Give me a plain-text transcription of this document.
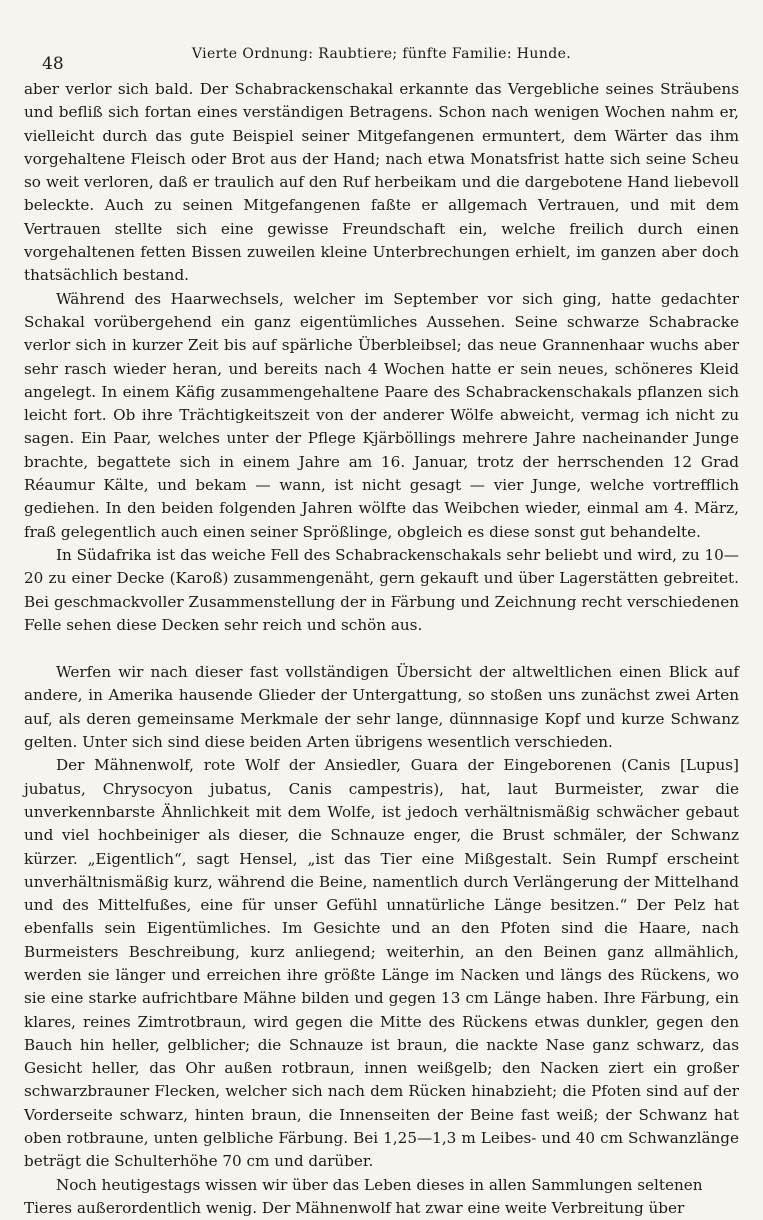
48	Vierte Ordnung: Raubtiere; fünfte Familie: Hunde.

aber verlor sich bald. Der Schabrackenschakal erkannte das Vergebliche seines Sträubens und befliß sich fortan eines verständigen Betragens. Schon nach wenigen Wochen nahm er, vielleicht durch das gute Beispiel seiner Mitgefangenen ermuntert, dem Wärter das ihm vorgehaltene Fleisch oder Brot aus der Hand; nach etwa Monatsfrist hatte sich seine Scheu so weit verloren, daß er traulich auf den Ruf herbeikam und die dargebotene Hand liebevoll beleckte. Auch zu seinen Mitgefangenen faßte er allgemach Vertrauen, und mit dem Vertrauen stellte sich eine gewisse Freundschaft ein, welche freilich durch einen vorgehaltenen fetten Bissen zuweilen kleine Unterbrechungen erhielt, im ganzen aber doch thatsächlich bestand.

Während des Haarwechsels, welcher im September vor sich ging, hatte gedachter Schakal vorübergehend ein ganz eigentümliches Aussehen. Seine schwarze Schabracke verlor sich in kurzer Zeit bis auf spärliche Überbleibsel; das neue Grannenhaar wuchs aber sehr rasch wieder heran, und bereits nach 4 Wochen hatte er sein neues, schöneres Kleid angelegt. In einem Käfig zusammengehaltene Paare des Schabrackenschakals pflanzen sich leicht fort. Ob ihre Trächtigkeitszeit von der anderer Wölfe abweicht, vermag ich nicht zu sagen. Ein Paar, welches unter der Pflege Kjärböllings mehrere Jahre nacheinander Junge brachte, begattete sich in einem Jahre am 16. Januar, trotz der herrschenden 12 Grad Réaumur Kälte, und bekam — wann, ist nicht gesagt — vier Junge, welche vortrefflich gediehen. In den beiden folgenden Jahren wölfte das Weibchen wieder, einmal am 4. März, fraß gelegentlich auch einen seiner Sprößlinge, obgleich es diese sonst gut behandelte.

In Südafrika ist das weiche Fell des Schabrackenschakals sehr beliebt und wird, zu 10—20 zu einer Decke (Karoß) zusammengenäht, gern gekauft und über Lagerstätten gebreitet. Bei geschmackvoller Zusammenstellung der in Färbung und Zeichnung recht verschiedenen Felle sehen diese Decken sehr reich und schön aus.

Werfen wir nach dieser fast vollständigen Übersicht der altweltlichen einen Blick auf andere, in Amerika hausende Glieder der Untergattung, so stoßen uns zunächst zwei Arten auf, als deren gemeinsame Merkmale der sehr lange, dünnnasige Kopf und kurze Schwanz gelten. Unter sich sind diese beiden Arten übrigens wesentlich verschieden.

Der Mähnenwolf, rote Wolf der Ansiedler, Guara der Eingeborenen (Canis [Lupus] jubatus, Chrysocyon jubatus, Canis campestris), hat, laut Burmeister, zwar die unverkennbarste Ähnlichkeit mit dem Wolfe, ist jedoch verhältnismäßig schwächer gebaut und viel hochbeiniger als dieser, die Schnauze enger, die Brust schmäler, der Schwanz kürzer. „Eigentlich“, sagt Hensel, „ist das Tier eine Mißgestalt. Sein Rumpf erscheint unverhältnismäßig kurz, während die Beine, namentlich durch Verlängerung der Mittelhand und des Mittelfußes, eine für unser Gefühl unnatürliche Länge besitzen.“ Der Pelz hat ebenfalls sein Eigentümliches. Im Gesichte und an den Pfoten sind die Haare, nach Burmeisters Beschreibung, kurz anliegend; weiterhin, an den Beinen ganz allmählich, werden sie länger und erreichen ihre größte Länge im Nacken und längs des Rückens, wo sie eine starke aufrichtbare Mähne bilden und gegen 13 cm Länge haben. Ihre Färbung, ein klares, reines Zimtrotbraun, wird gegen die Mitte des Rückens etwas dunkler, gegen den Bauch hin heller, gelblicher; die Schnauze ist braun, die nackte Nase ganz schwarz, das Gesicht heller, das Ohr außen rotbraun, innen weißgelb; den Nacken ziert ein großer schwarzbrauner Flecken, welcher sich nach dem Rücken hinabzieht; die Pfoten sind auf der Vorderseite schwarz, hinten braun, die Innenseiten der Beine fast weiß; der Schwanz hat oben rotbraune, unten gelbliche Färbung. Bei 1,25—1,3 m Leibes- und 40 cm Schwanzlänge beträgt die Schulterhöhe 70 cm und darüber.

Noch heutigestags wissen wir über das Leben dieses in allen Sammlungen seltenen Tieres außerordentlich wenig. Der Mähnenwolf hat zwar eine weite Verbreitung über
